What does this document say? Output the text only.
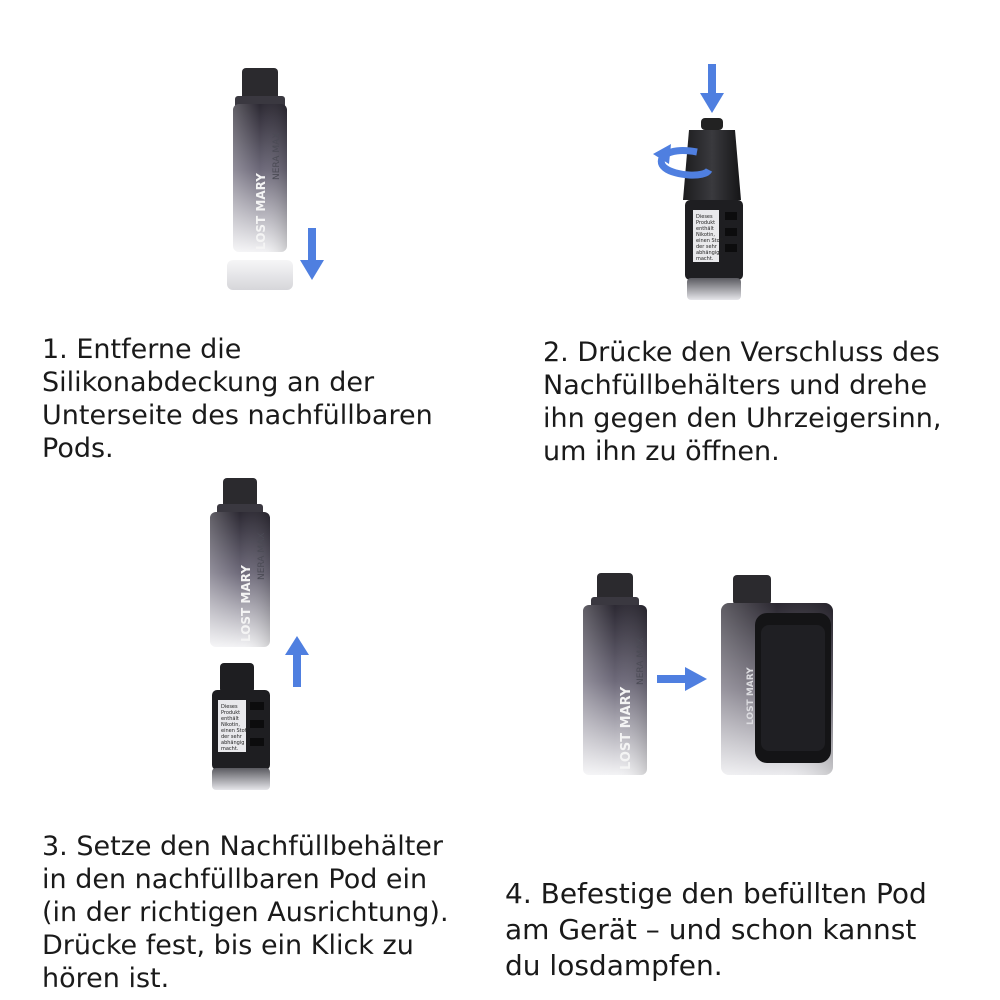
LOST MARY
NERA MAX
Dieses
Produkt
enthält
Nikotin,
einen Stoff,
der sehr
abhängig
macht.
LOST MARY
NERA MAX
Dieses
Produkt
enthält
Nikotin,
einen Stoff,
der sehr
abhängig
macht.	LOST MARY
NERA MAX
LOST MARY

1. Entferne die
Silikonabdeckung an der
Unterseite des nachfüllbaren
Pods.

2. Drücke den Verschluss des
Nachfüllbehälters und drehe
ihn gegen den Uhrzeigersinn,
um ihn zu öffnen.

3. Setze den Nachfüllbehälter
in den nachfüllbaren Pod ein
(in der richtigen Ausrichtung).
Drücke fest, bis ein Klick zu
hören ist.

4. Befestige den befüllten Pod
am Gerät – und schon kannst
du losdampfen.
